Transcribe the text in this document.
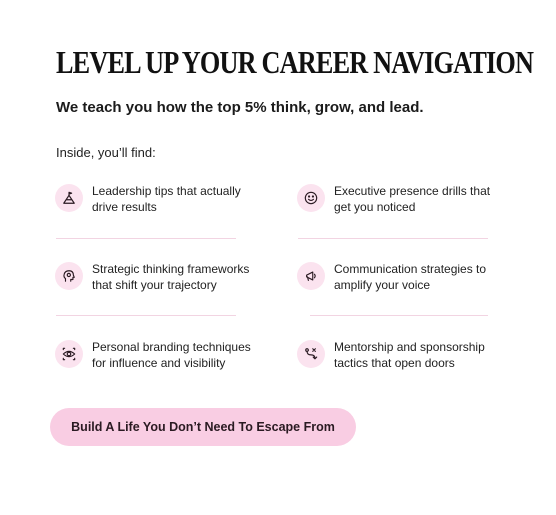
LEVEL UP YOUR CAREER NAVIGATION
We teach you how the top 5% think, grow, and lead.
Inside, you’ll find:
Leadership tips that actually drive results
Executive presence drills that get you noticed
Strategic thinking frameworks that shift your trajectory
Communication strategies to amplify your voice
Personal branding techniques for influence and visibility
Mentorship and sponsorship tactics that open doors
Build A Life You Don’t Need To Escape From
